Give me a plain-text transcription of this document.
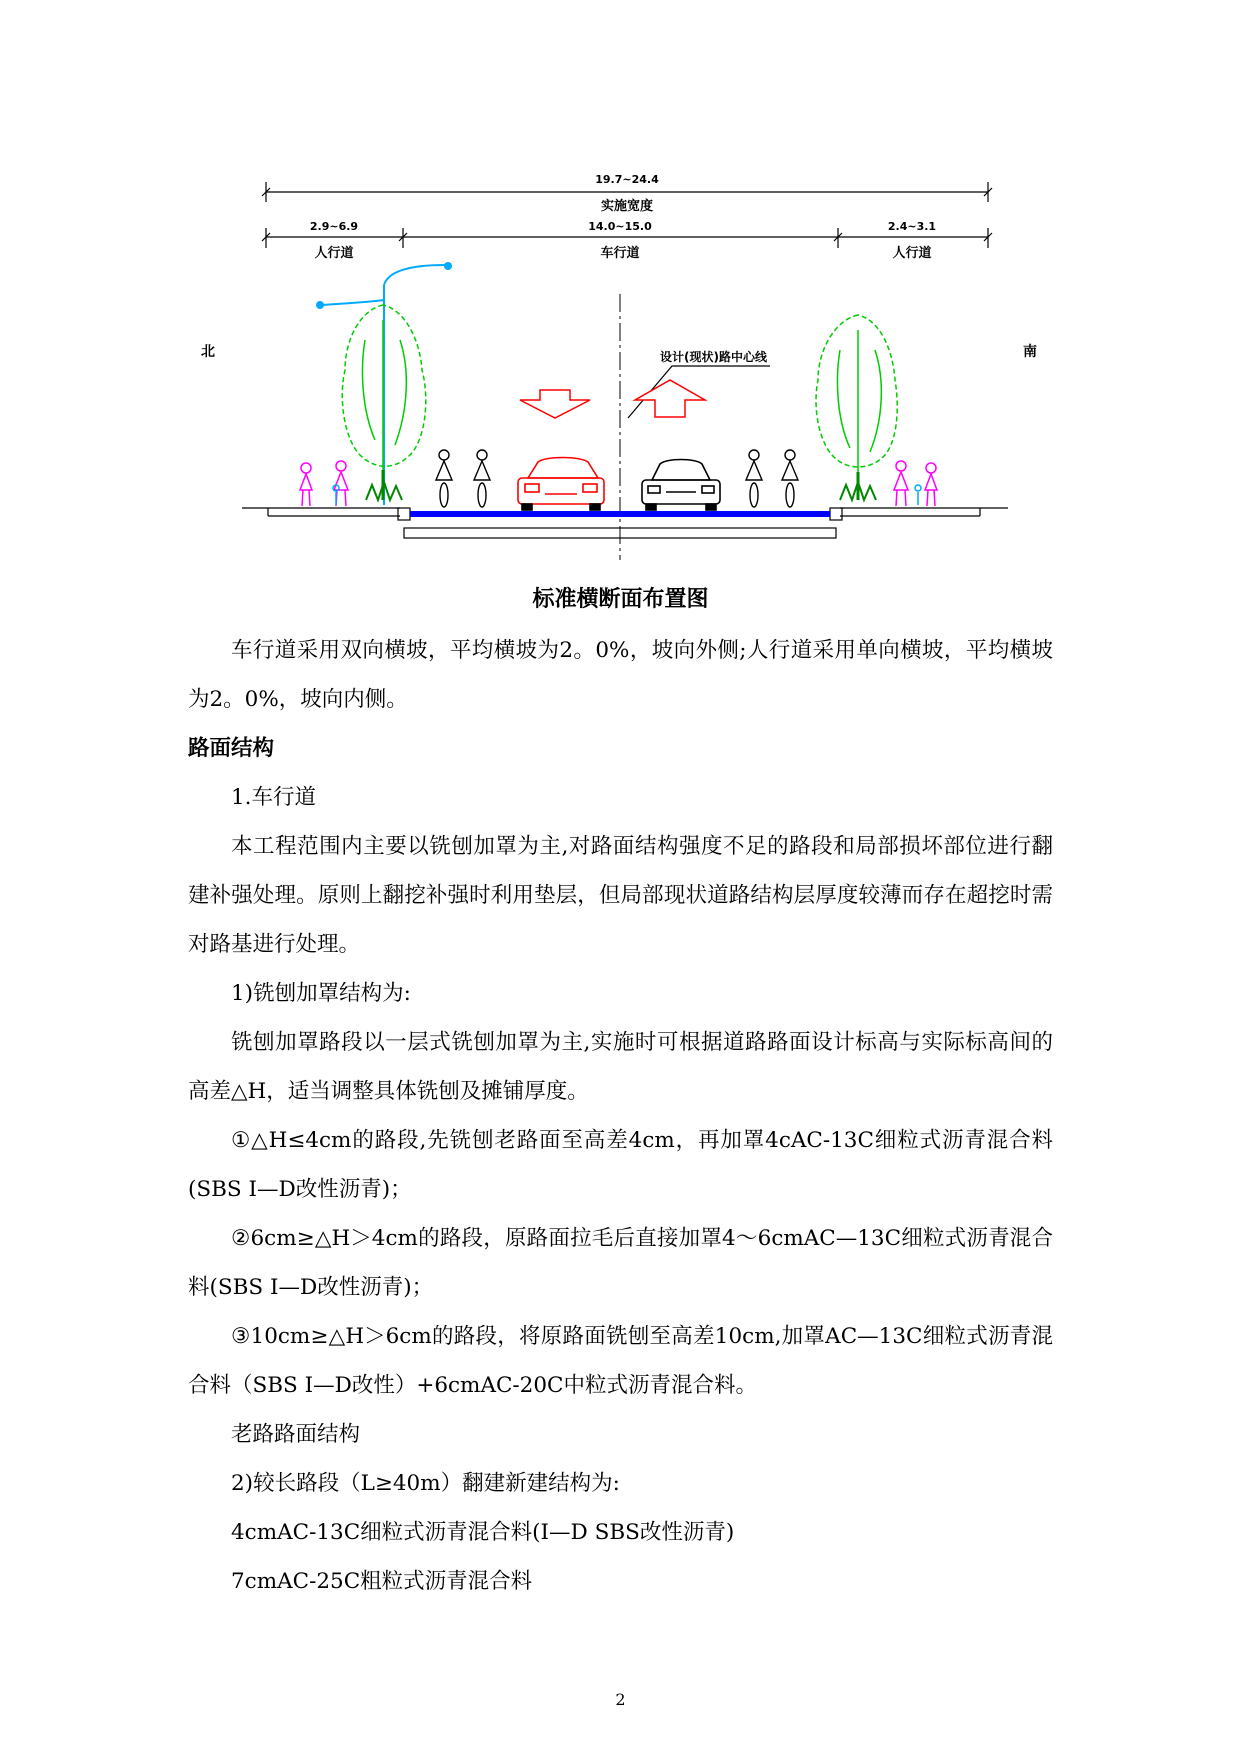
19.7~24.4
实施宽度
2.9~6.9
人行道
14.0~15.0
车行道
2.4~3.1
人行道
北	南
设计(现状)路中心线
标准横断面布置图

车行道采用双向横坡，平均横坡为2。0%，坡向外侧;人行道采用单向横坡，平均横坡为2。0%，坡向内侧。

路面结构

1.车行道

本工程范围内主要以铣刨加罩为主,对路面结构强度不足的路段和局部损坏部位进行翻建补强处理。原则上翻挖补强时利用垫层，但局部现状道路结构层厚度较薄而存在超挖时需对路基进行处理。

1)铣刨加罩结构为:

铣刨加罩路段以一层式铣刨加罩为主,实施时可根据道路路面设计标高与实际标高间的高差△H，适当调整具体铣刨及摊铺厚度。

①△H≤4cm的路段,先铣刨老路面至高差4cm，再加罩4cAC-13C细粒式沥青混合料(SBS I—D改性沥青)；

②6cm≥△H＞4cm的路段，原路面拉毛后直接加罩4～6cmAC—13C细粒式沥青混合料(SBS I—D改性沥青)；

③10cm≥△H＞6cm的路段，将原路面铣刨至高差10cm,加罩AC—13C细粒式沥青混合料（SBS I—D改性）+6cmAC-20C中粒式沥青混合料。

老路路面结构

2)较长路段（L≥40m）翻建新建结构为:

4cmAC-13C细粒式沥青混合料(I—D SBS改性沥青)

7cmAC-25C粗粒式沥青混合料

2
